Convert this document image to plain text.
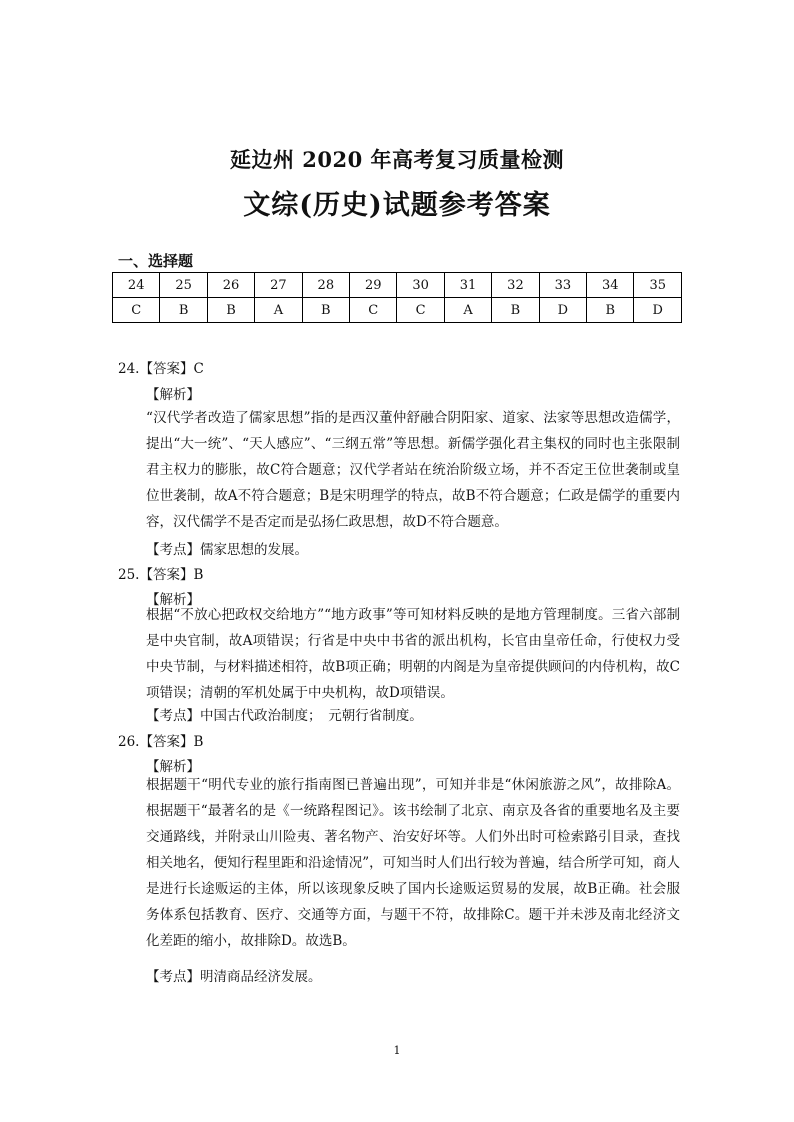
延边州 2020 年高考复习质量检测
文综(历史)试题参考答案
一、选择题
24	25	26	27	28	29	30	31	32	33	34	35
C	B	B	A	B	C	C	A	B	D	B	D
24.【答案】C
【解析】
“汉代学者改造了儒家思想”指的是西汉董仲舒融合阴阳家、道家、法家等思想改造儒学，提出“大一统”、“天人感应”、“三纲五常”等思想。新儒学强化君主集权的同时也主张限制君主权力的膨胀，故C符合题意；汉代学者站在统治阶级立场，并不否定王位世袭制或皇位世袭制，故A不符合题意；B是宋明理学的特点，故B不符合题意；仁政是儒学的重要内容，汉代儒学不是否定而是弘扬仁政思想，故D不符合题意。
【考点】儒家思想的发展。
25.【答案】B
【解析】
根据“不放心把政权交给地方”“地方政事”等可知材料反映的是地方管理制度。三省六部制是中央官制，故A项错误；行省是中央中书省的派出机构，长官由皇帝任命，行使权力受中央节制，与材料描述相符，故B项正确；明朝的内阁是为皇帝提供顾问的内侍机构，故C项错误；清朝的军机处属于中央机构，故D项错误。
【考点】中国古代政治制度；　元朝行省制度。
26.【答案】B
【解析】
根据题干“明代专业的旅行指南图已普遍出现”，可知并非是“休闲旅游之风”，故排除A。根据题干“最著名的是《一统路程图记》。该书绘制了北京、南京及各省的重要地名及主要交通路线，并附录山川险夷、著名物产、治安好坏等。人们外出时可检索路引目录，查找相关地名，便知行程里距和沿途情况”，可知当时人们出行较为普遍，结合所学可知，商人是进行长途贩运的主体，所以该现象反映了国内长途贩运贸易的发展，故B正确。社会服务体系包括教育、医疗、交通等方面，与题干不符，故排除C。题干并未涉及南北经济文化差距的缩小，故排除D。故选B。
【考点】明清商品经济发展。
1
